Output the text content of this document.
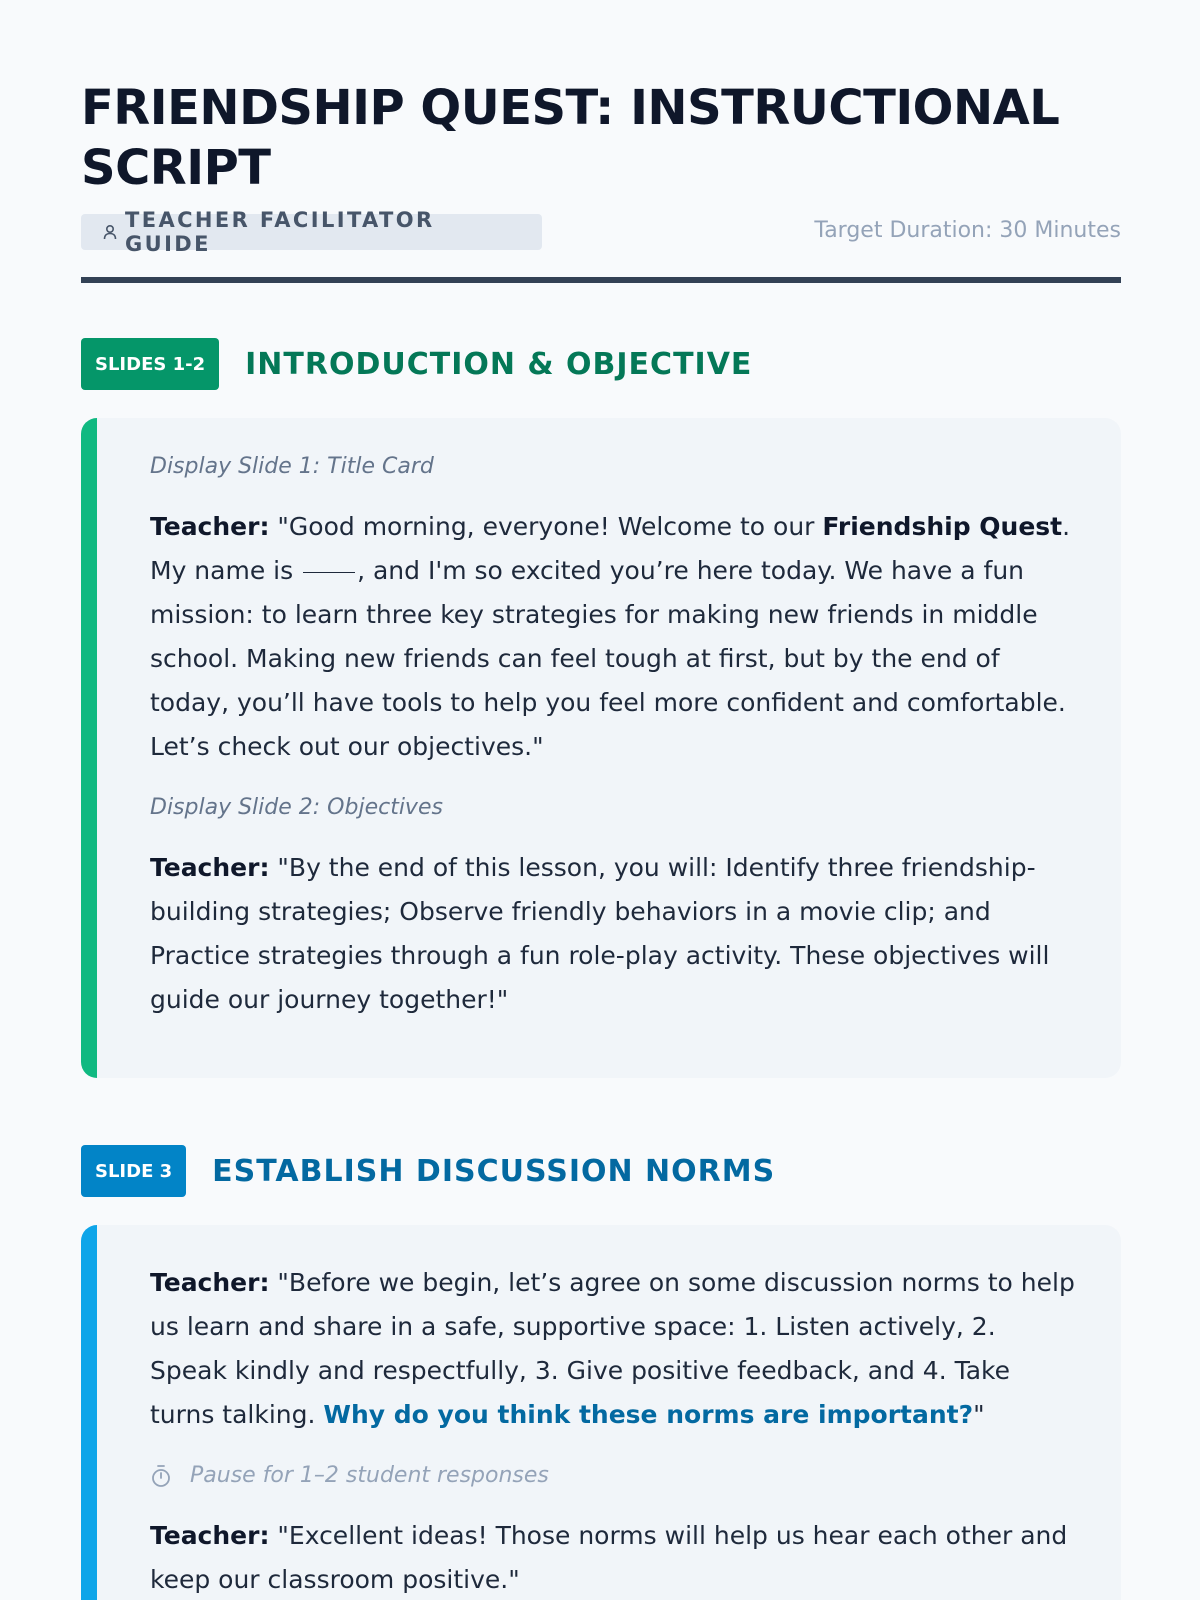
FRIENDSHIP QUEST: INSTRUCTIONAL SCRIPT
TEACHER FACILITATOR GUIDE
Target Duration: 30 Minutes
SLIDES 1-2	INTRODUCTION & OBJECTIVE

Display Slide 1: Title Card

Teacher: "Good morning, everyone! Welcome to our Friendship Quest. My name is , and I'm so excited you’re here today. We have a fun mission: to learn three key strategies for making new friends in middle school. Making new friends can feel tough at first, but by the end of today, you’ll have tools to help you feel more confident and comfortable. Let’s check out our objectives."

Display Slide 2: Objectives

Teacher: "By the end of this lesson, you will: Identify three friendship-building strategies; Observe friendly behaviors in a movie clip; and Practice strategies through a fun role-play activity. These objectives will guide our journey together!"

SLIDE 3	ESTABLISH DISCUSSION NORMS

Teacher: "Before we begin, let’s agree on some discussion norms to help us learn and share in a safe, supportive space: 1. Listen actively, 2. Speak kindly and respectfully, 3. Give positive feedback, and 4. Take turns talking. Why do you think these norms are important?"

Pause for 1–2 student responses

Teacher: "Excellent ideas! Those norms will help us hear each other and keep our classroom positive."
